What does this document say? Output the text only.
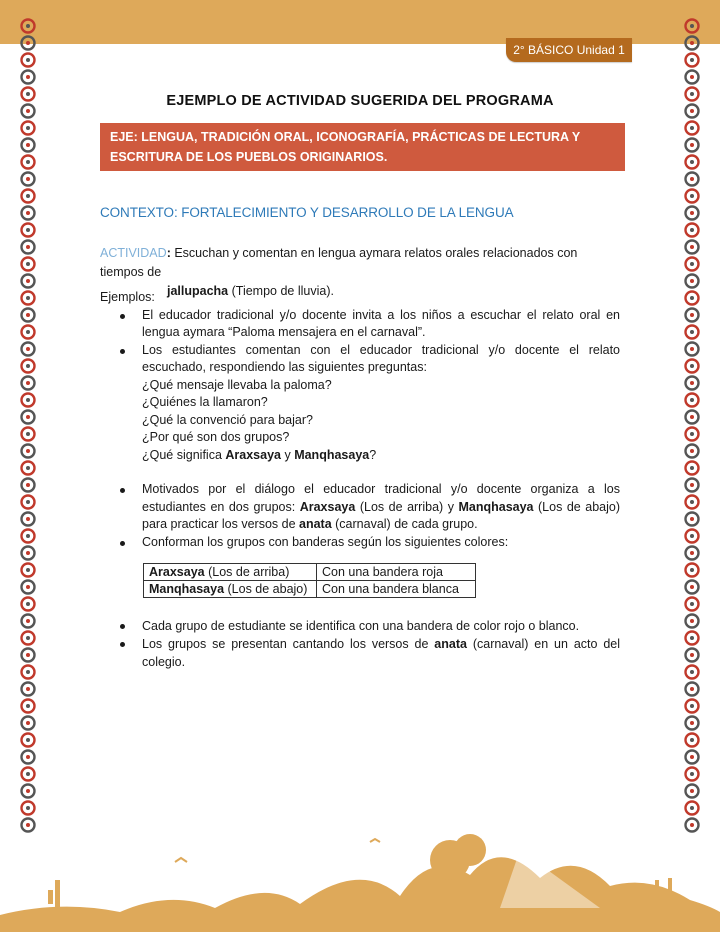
2° BÁSICO Unidad 1
EJEMPLO DE ACTIVIDAD SUGERIDA DEL PROGRAMA
EJE: LENGUA, TRADICIÓN ORAL, ICONOGRAFÍA, PRÁCTICAS DE LECTURA Y ESCRITURA DE LOS PUEBLOS ORIGINARIOS.
CONTEXTO: FORTALECIMIENTO Y DESARROLLO DE LA LENGUA
ACTIVIDAD: Escuchan y comentan en lengua aymara relatos orales relacionados con tiempos de
jallupacha (Tiempo de lluvia).
Ejemplos:
El educador tradicional y/o docente invita a los niños a escuchar el relato oral en lengua aymara “Paloma mensajera en el carnaval”.
Los estudiantes comentan con el educador tradicional y/o docente el relato escuchado, respondiendo las siguientes preguntas:
¿Qué mensaje llevaba la paloma?
¿Quiénes la llamaron?
¿Qué la convenció para bajar?
¿Por qué son dos grupos?
¿Qué significa Araxsaya y Manqhasaya?
Motivados por el diálogo el educador tradicional y/o docente organiza a los estudiantes en dos grupos: Araxsaya (Los de arriba) y Manqhasaya (Los de abajo) para practicar los versos de anata (carnaval) de cada grupo.
Conforman los grupos con banderas según los siguientes colores:
Araxsaya (Los de arriba)	Con una bandera roja
Manqhasaya (Los de abajo)	Con una bandera blanca
Cada grupo de estudiante se identifica con una bandera de color rojo o blanco.
Los grupos se presentan cantando los versos de anata (carnaval) en un acto del colegio.
